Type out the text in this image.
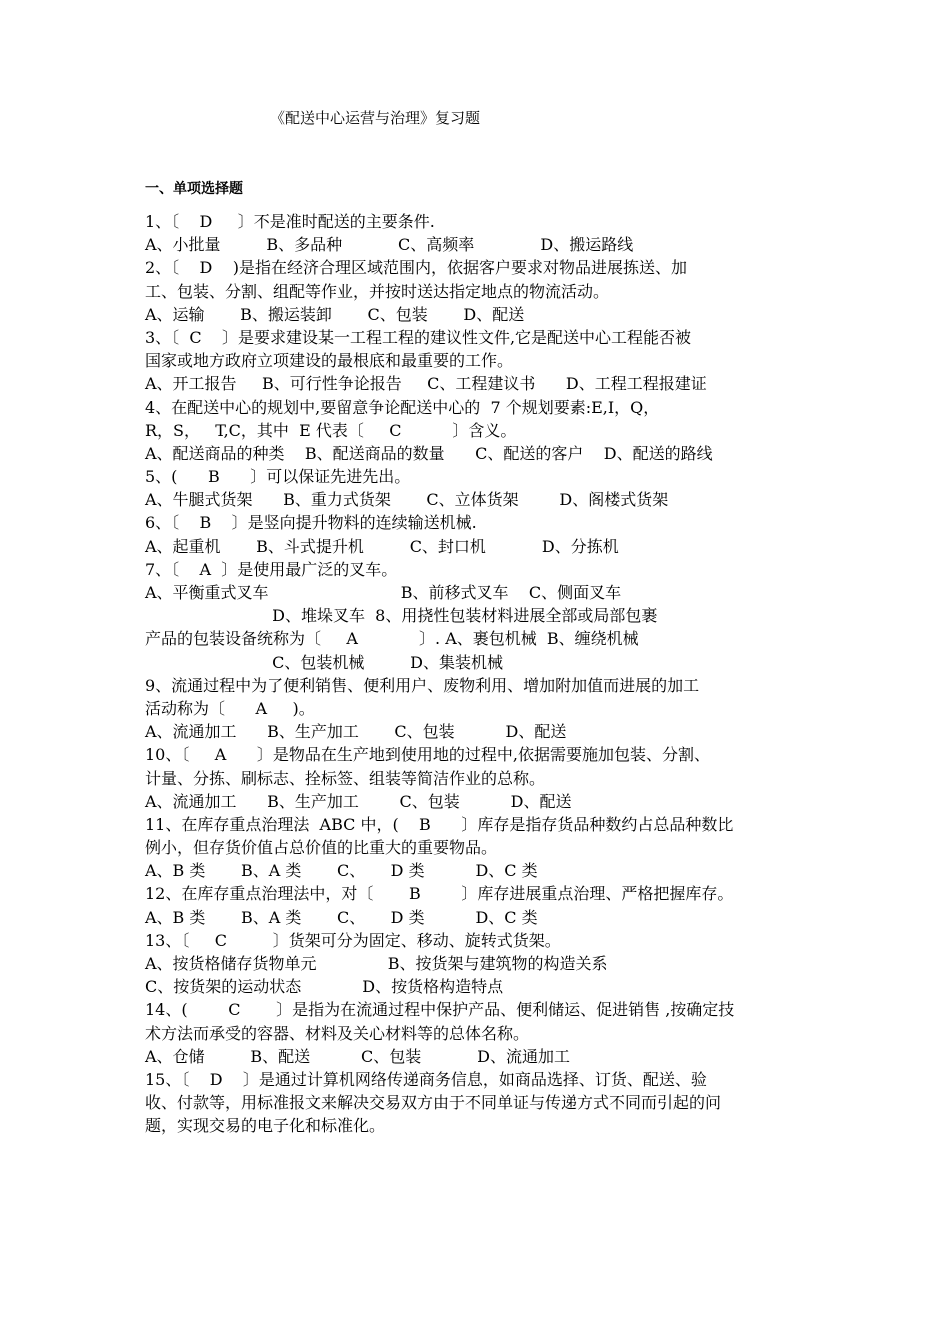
《配送中心运营与治理》复习题
一、单项选择题
1、〔    D     〕不是准时配送的主要条件.
A、小批量         B、多品种           C、高频率             D、搬运路线
2、〔    D    )是指在经济合理区域范围内，依据客户要求对物品进展拣送、加
工、包装、分割、组配等作业，并按时送达指定地点的物流活动。
A、运输       B、搬运装卸       C、包装       D、配送
3、〔  C    〕是要求建设某一工程工程的建议性文件,它是配送中心工程能否被
国家或地方政府立项建设的最根底和最重要的工作。
A、开工报告     B、可行性争论报告     C、工程建议书      D、工程工程报建证
4、在配送中心的规划中,要留意争论配送中心的  7 个规划要素:E,I，Q，
R，S，   T,C，其中  E 代表〔     C          〕含义。
A、配送商品的种类    B、配送商品的数量      C、配送的客户    D、配送的路线
5、(      B      〕可以保证先进先出。
A、牛腿式货架      B、重力式货架       C、立体货架        D、阁楼式货架
6、〔    B    〕是竖向提升物料的连续输送机械.
A、起重机       B、斗式提升机         C、封口机           D、分拣机
7、〔    A  〕是使用最广泛的叉车。
A、平衡重式叉车                          B、前移式叉车    C、侧面叉车
D、堆垛叉车  8、用挠性包装材料进展全部或局部包裹
产品的包装设备统称为〔     A            〕. A、裹包机械  B、缠绕机械
C、包装机械         D、集装机械
9、流通过程中为了便利销售、便利用户、废物利用、增加附加值而进展的加工
活动称为〔      A     )。
A、流通加工      B、生产加工       C、包装          D、配送
10、〔     A      〕是物品在生产地到使用地的过程中,依据需要施加包装、分割、
计量、分拣、刷标志、拴标签、组装等简洁作业的总称。
A、流通加工      B、生产加工        C、包装          D、配送
11、在库存重点治理法  ABC 中，(    B      〕库存是指存货品种数约占总品种数比
例小，但存货价值占总价值的比重大的重要物品。
A、B 类       B、A 类       C、     D 类          D、C 类
12、在库存重点治理法中，对〔       B        〕库存进展重点治理、严格把握库存。
A、B 类       B、A 类       C、     D 类          D、C 类
13、〔     C         〕货架可分为固定、移动、旋转式货架。
A、按货格储存货物单元              B、按货架与建筑物的构造关系
C、按货架的运动状态            D、按货格构造特点
14、(        C       〕是指为在流通过程中保护产品、便利储运、促进销售 ,按确定技
术方法而承受的容器、材料及关心材料等的总体名称。
A、仓储         B、配送          C、包装           D、流通加工
15、〔    D    〕是通过计算机网络传递商务信息，如商品选择、订货、配送、验
收、付款等，用标准报文来解决交易双方由于不同单证与传递方式不同而引起的问
题，实现交易的电子化和标准化。
